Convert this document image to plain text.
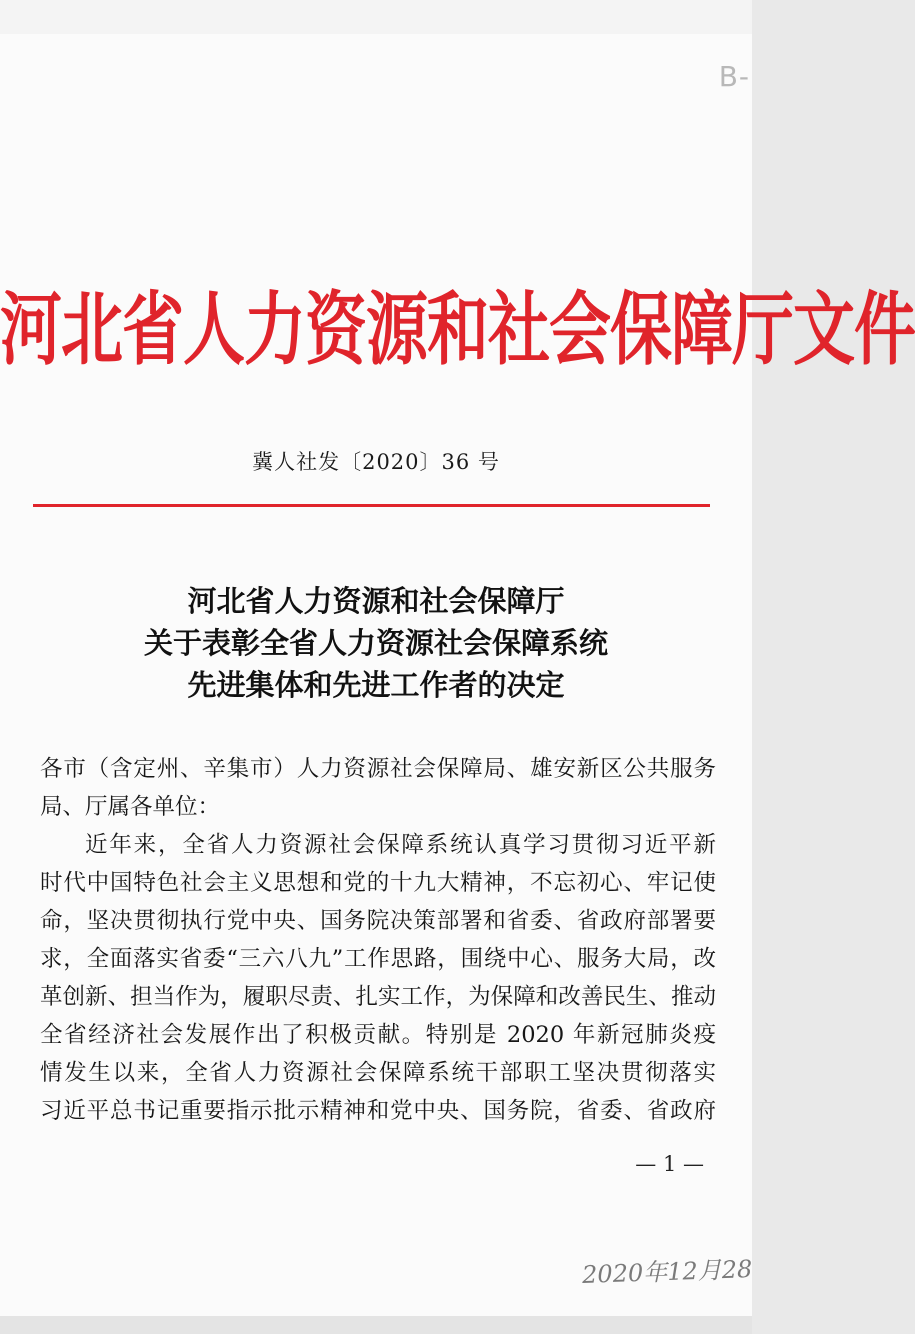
B-
河北省人力资源和社会保障厅文件
冀人社发〔2020〕36 号
河北省人力资源和社会保障厅
关于表彰全省人力资源社会保障系统
先进集体和先进工作者的决定
各市（含定州、辛集市）人力资源社会保障局、雄安新区公共服务
局、厅属各单位：
近年来，全省人力资源社会保障系统认真学习贯彻习近平新
时代中国特色社会主义思想和党的十九大精神，不忘初心、牢记使
命，坚决贯彻执行党中央、国务院决策部署和省委、省政府部署要
求，全面落实省委“三六八九”工作思路，围绕中心、服务大局，改
革创新、担当作为，履职尽责、扎实工作，为保障和改善民生、推动
全省经济社会发展作出了积极贡献。特别是 2020 年新冠肺炎疫
情发生以来，全省人力资源社会保障系统干部职工坚决贯彻落实
习近平总书记重要指示批示精神和党中央、国务院，省委、省政府
— 1 —
2020年12月28
